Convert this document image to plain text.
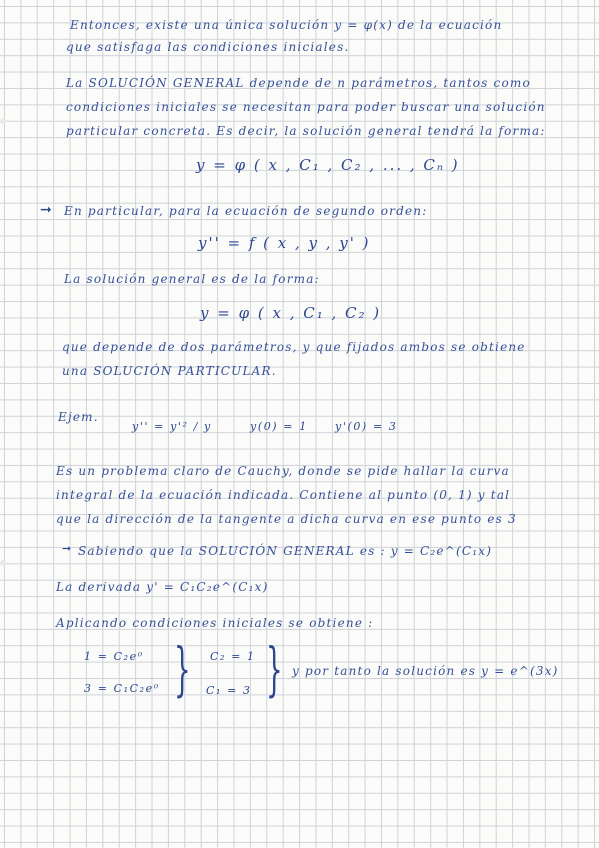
Entonces, existe una única solución y = φ(x) de la ecuación
que satisfaga las condiciones iniciales.
La SOLUCIÓN GENERAL depende de n parámetros, tantos como
condiciones iniciales se necesitan para poder buscar una solución
particular concreta. Es decir, la solución general tendrá la forma:
y = φ ( x , C₁ , C₂ , ... , Cₙ )
➞ En particular, para la ecuación de segundo orden:
y'' = f ( x , y , y' )
La solución general es de la forma:
y = φ ( x , C₁ , C₂ )
que depende de dos parámetros, y que fijados ambos se obtiene
una SOLUCIÓN PARTICULAR.
Ejem.
y'' = y'² / y	y(0) = 1 y'(0) = 3
Es un problema claro de Cauchy, donde se pide hallar la curva
integral de la ecuación indicada. Contiene al punto (0, 1) y tal
que la dirección de la tangente a dicha curva en ese punto es 3
➞ Sabiendo que la SOLUCIÓN GENERAL es : y = C₂e^(C₁x)
La derivada y' = C₁C₂e^(C₁x)
Aplicando condiciones iniciales se obtiene :
1 = C₂e⁰
3 = C₁C₂e⁰ } C₂ = 1
C₁ = 3 } y por tanto la solución es y = e^(3x)
